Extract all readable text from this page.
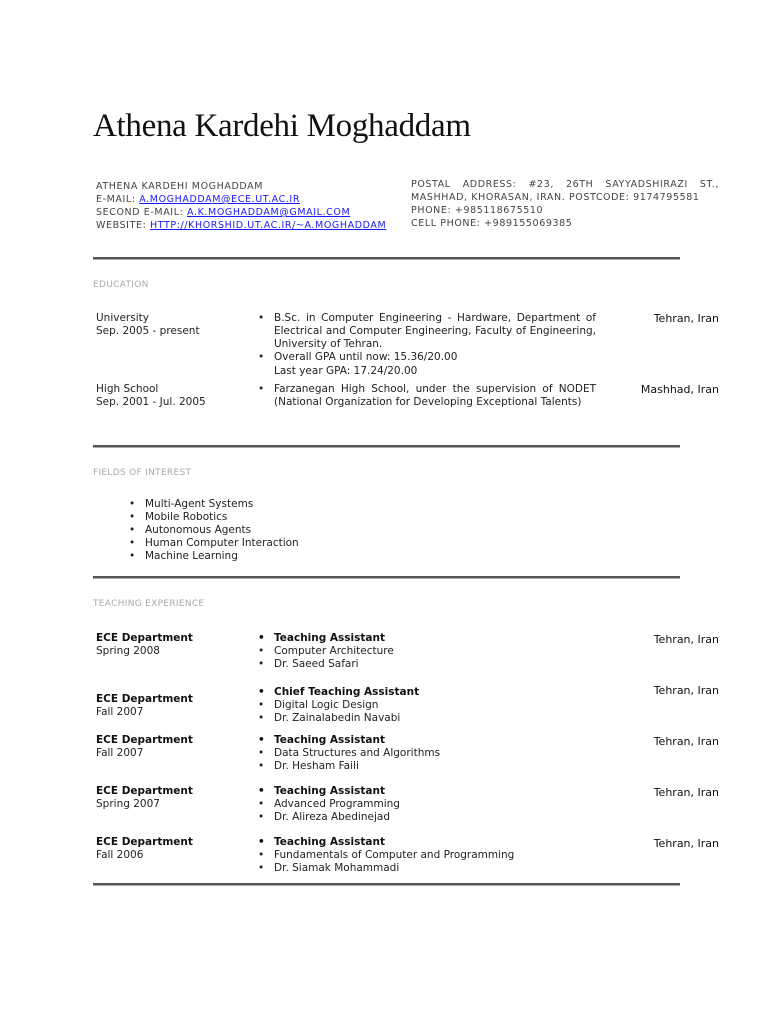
Athena Kardehi Moghaddam
ATHENA KARDEHI MOGHADDAM
E-MAIL: A.MOGHADDAM@ECE.UT.AC.IR
SECOND E-MAIL: A.K.MOGHADDAM@GMAIL.COM
WEBSITE: HTTP://KHORSHID.UT.AC.IR/~A.MOGHADDAM
POSTAL ADDRESS: #23, 26TH SAYYADSHIRAZI ST.,
MASHHAD, KHORASAN, IRAN. POSTCODE: 9174795581
PHONE: +985118675510
CELL PHONE: +989155069385
EDUCATION
University
Sep. 2005 - present
• B.Sc. in Computer Engineering - Hardware, Department of Electrical and Computer Engineering, Faculty of Engineering, University of Tehran.
• Overall GPA until now: 15.36/20.00
Last year GPA: 17.24/20.00
Tehran, Iran
High School
Sep. 2001 - Jul. 2005
• Farzanegan High School, under the supervision of NODET (National Organization for Developing Exceptional Talents)
Mashhad, Iran
FIELDS OF INTEREST
• Multi-Agent Systems
• Mobile Robotics
• Autonomous Agents
• Human Computer Interaction
• Machine Learning
TEACHING EXPERIENCE
ECE Department
Spring 2008
• Teaching Assistant
• Computer Architecture
• Dr. Saeed Safari
Tehran, Iran
ECE Department
Fall 2007
• Chief Teaching Assistant
• Digital Logic Design
• Dr. Zainalabedin Navabi
Tehran, Iran
ECE Department
Fall 2007
• Teaching Assistant
• Data Structures and Algorithms
• Dr. Hesham Faili
Tehran, Iran
ECE Department
Spring 2007
• Teaching Assistant
• Advanced Programming
• Dr. Alireza Abedinejad
Tehran, Iran
ECE Department
Fall 2006
• Teaching Assistant
• Fundamentals of Computer and Programming
• Dr. Siamak Mohammadi
Tehran, Iran
